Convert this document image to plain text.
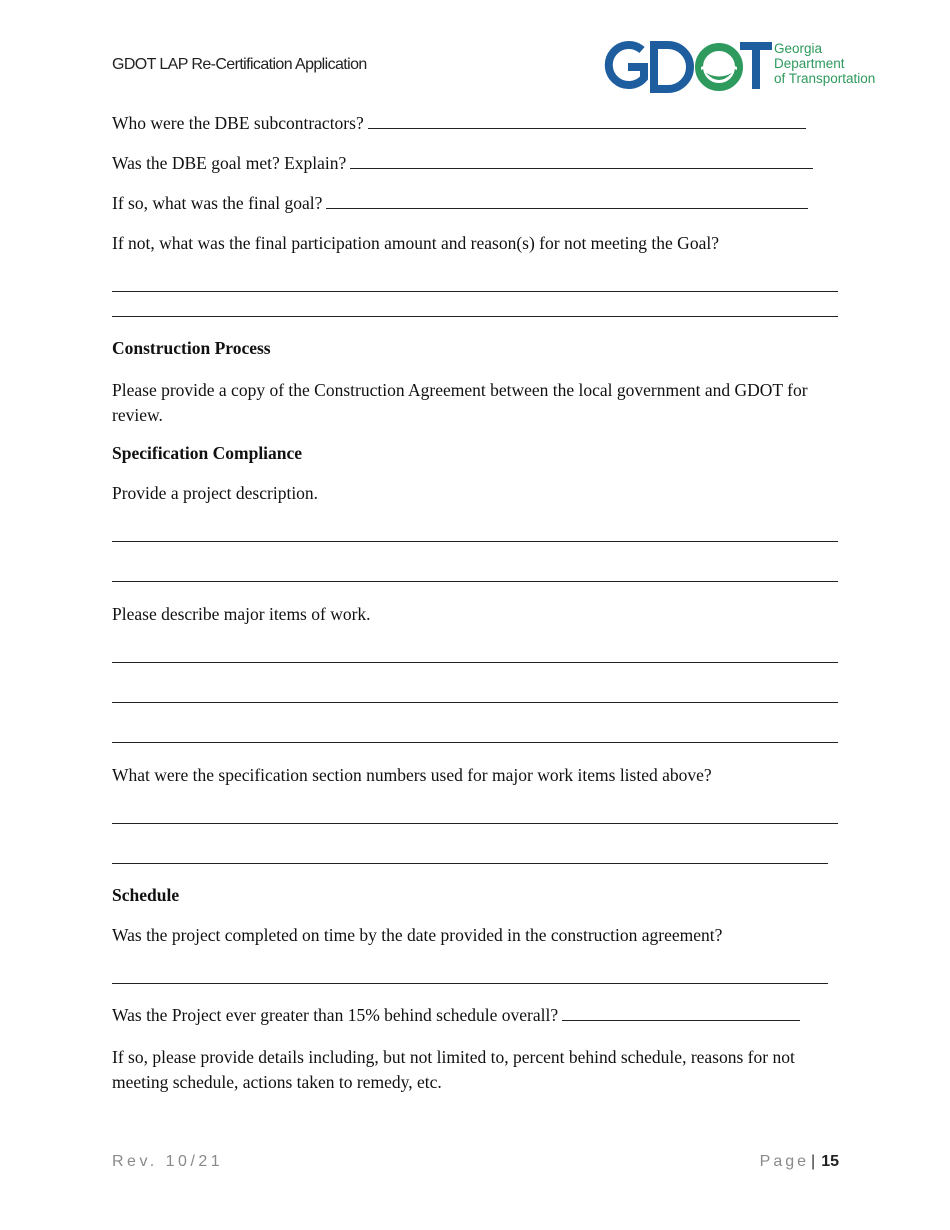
GDOT LAP Re-Certification Application
Georgia
Department
of Transportation
Who were the DBE subcontractors?
Was the DBE goal met? Explain?
If so, what was the final goal?
If not, what was the final participation amount and reason(s) for not meeting the Goal?
Construction Process
Please provide a copy of the Construction Agreement between the local government and GDOT for review.
Specification Compliance
Provide a project description.
Please describe major items of work.
What were the specification section numbers used for major work items listed above?
Schedule
Was the project completed on time by the date provided in the construction agreement?
Was the Project ever greater than 15% behind schedule overall?
If so, please provide details including, but not limited to, percent behind schedule, reasons for not meeting schedule, actions taken to remedy, etc.
Rev. 10/21	Page | 15
